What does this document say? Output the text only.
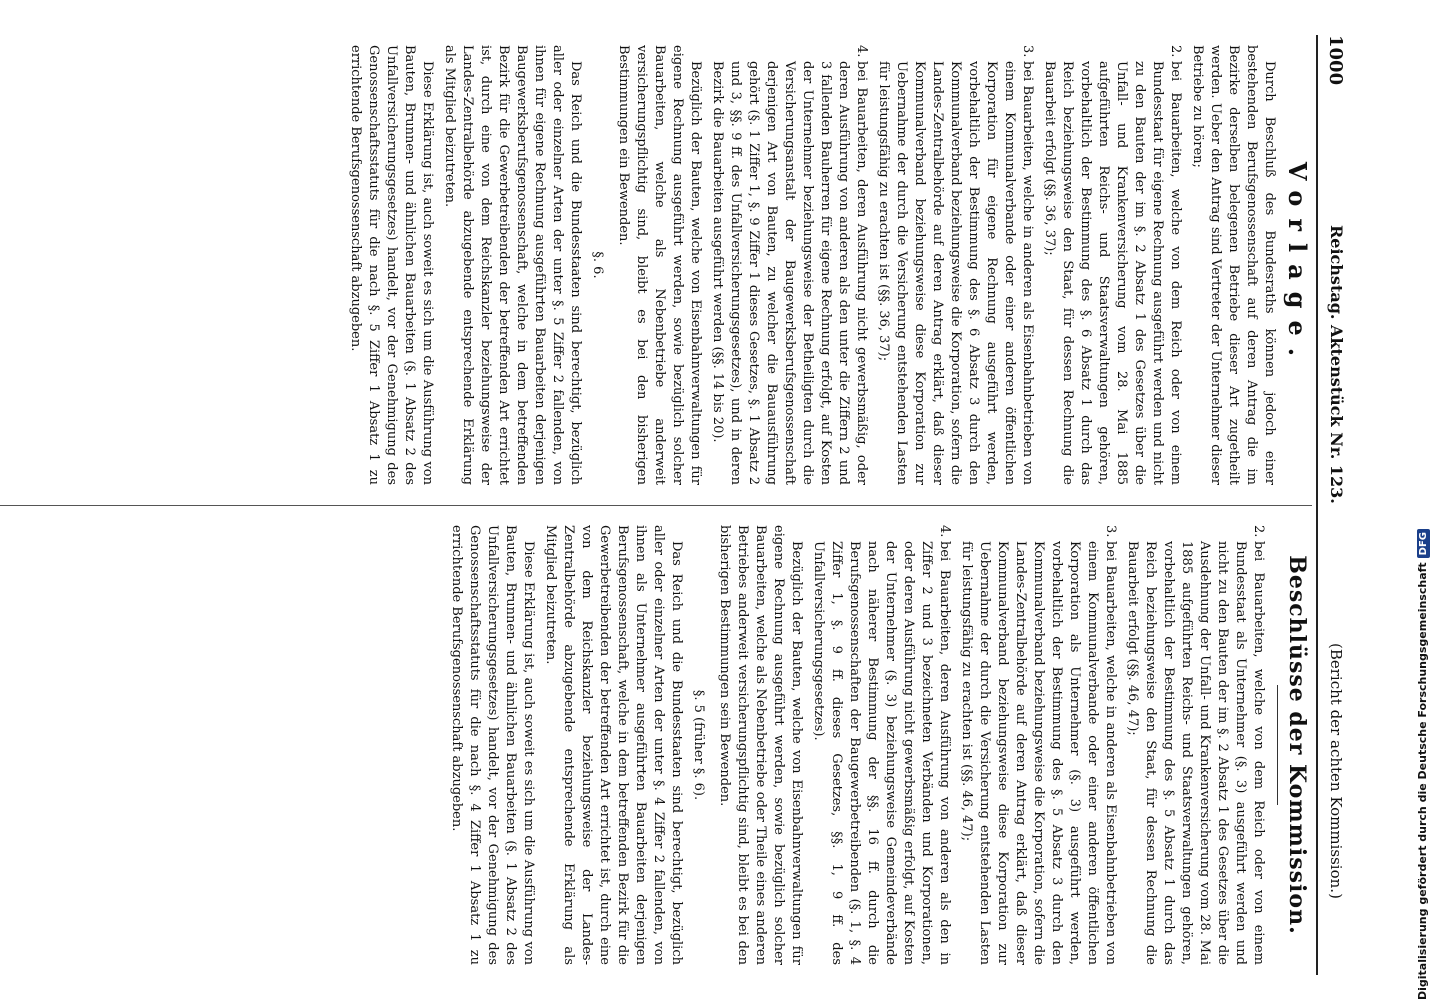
1000
Reichstag. Aktenstück Nr. 123.
(Bericht der achten Kommission.)
Vorlage.

Durch Beschluß des Bundesraths können jedoch einer bestehenden Berufsgenossenschaft auf deren Antrag die im Bezirke derselben belegenen Betriebe dieser Art zugetheilt werden. Ueber den Antrag sind Vertreter der Unternehmer dieser Betriebe zu hören;

2.
bei Bauarbeiten, welche von dem Reich oder von einem Bundesstaat für eigene Rechnung ausgeführt werden und nicht zu den Bauten der im §. 2 Absatz 1 des Gesetzes über die Unfall- und Krankenversicherung vom 28. Mai 1885 aufgeführten Reichs- und Staatsverwaltungen gehören, vorbehaltlich der Bestimmung des §. 6 Absatz 1 durch das Reich beziehungsweise den Staat, für dessen Rechnung die Bauarbeit erfolgt (§§. 36, 37);

3.
bei Bauarbeiten, welche in anderen als Eisenbahnbetrieben von einem Kommunalverbande oder einer anderen öffentlichen Korporation für eigene Rechnung ausgeführt werden, vorbehaltlich der Bestimmung des §. 6 Absatz 3 durch den Kommunalverband beziehungsweise die Korporation, sofern die Landes-Zentralbehörde auf deren Antrag erklärt, daß dieser Kommunalverband beziehungsweise diese Korporation zur Uebernahme der durch die Versicherung entstehenden Lasten für leistungsfähig zu erachten ist (§§. 36, 37);

4.
bei Bauarbeiten, deren Ausführung nicht gewerbsmäßig, oder deren Ausführung von anderen als den unter die Ziffern 2 und 3 fallenden Bauherren für eigene Rechnung erfolgt, auf Kosten der Unternehmer beziehungsweise der Betheiligten durch die Versicherungsanstalt der Baugewerksberufsgenossenschaft derjenigen Art von Bauten, zu welcher die Bauausführung gehört (§. 1 Ziffer 1, §. 9 Ziffer 1 dieses Gesetzes, §. 1 Absatz 2 und 3, §§. 9 ff. des Unfallversicherungsgesetzes), und in deren Bezirk die Bauarbeiten ausgeführt werden (§§. 14 bis 20).

Bezüglich der Bauten, welche von Eisenbahnverwaltungen für eigene Rechnung ausgeführt werden, sowie bezüglich solcher Bauarbeiten, welche als Nebenbetriebe anderweit versicherungspflichtig sind, bleibt es bei den bisherigen Bestimmungen ein Bewenden.

§. 6.

Das Reich und die Bundesstaaten sind berechtigt, bezüglich aller oder einzelner Arten der unter §. 5 Ziffer 2 fallenden, von ihnen für eigene Rechnung ausgeführten Bauarbeiten derjenigen Baugewerksberufsgenossenschaft, welche in dem betreffenden Bezirk für die Gewerbetreibenden der betreffenden Art errichtet ist, durch eine von dem Reichskanzler beziehungsweise der Landes-Zentralbehörde abzugebende entsprechende Erklärung als Mitglied beizutreten.

Diese Erklärung ist, auch soweit es sich um die Ausführung von Bauten, Brunnen- und ähnlichen Bauarbeiten (§. 1 Absatz 2 des Unfallversicherungsgesetzes) handelt, vor der Genehmigung des Genossenschaftsstatuts für die nach §. 5 Ziffer 1 Absatz 1 zu errichtende Berufsgenossenschaft abzugeben.

Beschlüsse der Kommission.

2.
bei Bauarbeiten, welche von dem Reich oder von einem Bundesstaat als Unternehmer (§. 3) ausgeführt werden und nicht zu den Bauten der im §. 2 Absatz 1 des Gesetzes über die Ausdehnung der Unfall- und Krankenversicherung vom 28. Mai 1885 aufgeführten Reichs- und Staatsverwaltungen gehören, vorbehaltlich der Bestimmung des §. 5 Absatz 1 durch das Reich beziehungsweise den Staat, für dessen Rechnung die Bauarbeit erfolgt (§§. 46, 47);

3.
bei Bauarbeiten, welche in anderen als Eisenbahnbetrieben von einem Kommunalverbande oder einer anderen öffentlichen Korporation als Unternehmer (§. 3) ausgeführt werden, vorbehaltlich der Bestimmung des §. 5 Absatz 3 durch den Kommunalverband beziehungsweise die Korporation, sofern die Landes-Zentralbehörde auf deren Antrag erklärt, daß dieser Kommunalverband beziehungsweise diese Korporation zur Uebernahme der durch die Versicherung entstehenden Lasten für leistungsfähig zu erachten ist (§§. 46, 47);

4.
bei Bauarbeiten, deren Ausführung von anderen als den in Ziffer 2 und 3 bezeichneten Verbänden und Korporationen, oder deren Ausführung nicht gewerbsmäßig erfolgt, auf Kosten der Unternehmer (§. 3) beziehungsweise Gemeindeverbände nach näherer Bestimmung der §§. 16 ff. durch die Berufsgenossenschaften der Baugewerbetreibenden (§. 1, §. 4 Ziffer 1, §. 9 ff. dieses Gesetzes, §§. 1, 9 ff. des Unfallversicherungsgesetzes).

Bezüglich der Bauten, welche von Eisenbahnverwaltungen für eigene Rechnung ausgeführt werden, sowie bezüglich solcher Bauarbeiten, welche als Nebenbetriebe oder Theile eines anderen Betriebes anderweit versicherungspflichtig sind, bleibt es bei den bisherigen Bestimmungen sein Bewenden.

§. 5 (früher §. 6).

Das Reich und die Bundesstaaten sind berechtigt, bezüglich aller oder einzelner Arten der unter §. 4 Ziffer 2 fallenden, von ihnen als Unternehmer ausgeführten Bauarbeiten derjenigen Berufsgenossenschaft, welche in dem betreffenden Bezirk für die Gewerbetreibenden der betreffenden Art errichtet ist, durch eine von dem Reichskanzler beziehungsweise der Landes-Zentralbehörde abzugebende entsprechende Erklärung als Mitglied beizutreten.

Diese Erklärung ist, auch soweit es sich um die Ausführung von Bauten, Brunnen- und ähnlichen Bauarbeiten (§. 1 Absatz 2 des Unfallversicherungsgesetzes) handelt, vor der Genehmigung des Genossenschaftsstatuts für die nach §. 4 Ziffer 1 Absatz 1 zu errichtende Berufsgenossenschaft abzugeben.	Digitalisierung gefördert durch die Deutsche ForschungsgemeinschaftDFG
